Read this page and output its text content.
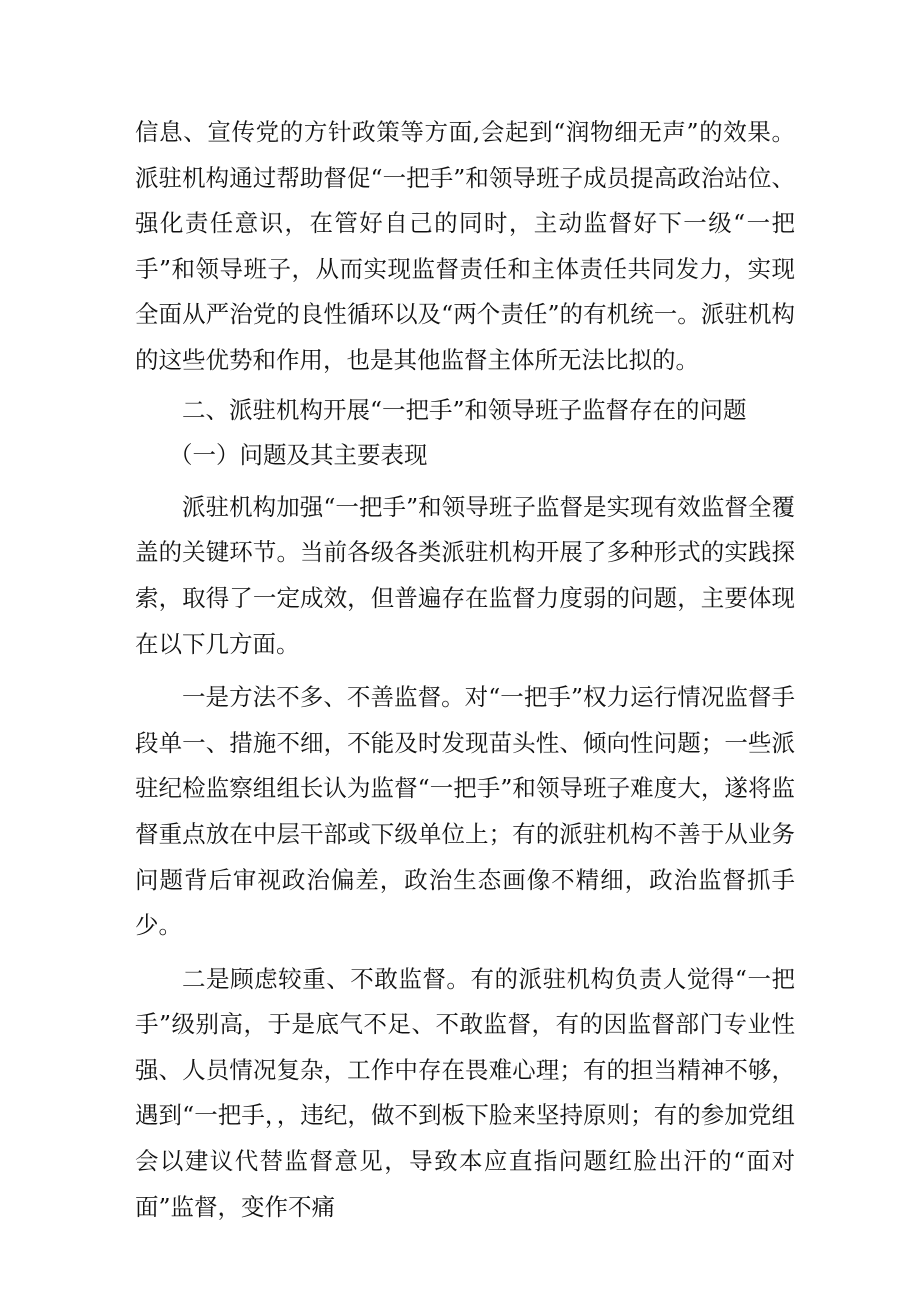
信息、宣传党的方针政策等方面,会起到“润物细无声”的效果。派驻机构通过帮助督促“一把手”和领导班子成员提高政治站位、强化责任意识，在管好自己的同时，主动监督好下一级“一把手”和领导班子，从而实现监督责任和主体责任共同发力，实现全面从严治党的良性循环以及“两个责任”的有机统一。派驻机构的这些优势和作用，也是其他监督主体所无法比拟的。

二、派驻机构开展“一把手”和领导班子监督存在的问题

（一）问题及其主要表现

派驻机构加强“一把手”和领导班子监督是实现有效监督全覆盖的关键环节。当前各级各类派驻机构开展了多种形式的实践探索，取得了一定成效，但普遍存在监督力度弱的问题，主要体现在以下几方面。

一是方法不多、不善监督。对“一把手”权力运行情况监督手段单一、措施不细，不能及时发现苗头性、倾向性问题；一些派驻纪检监察组组长认为监督“一把手”和领导班子难度大，遂将监督重点放在中层干部或下级单位上；有的派驻机构不善于从业务问题背后审视政治偏差，政治生态画像不精细，政治监督抓手少。

二是顾虑较重、不敢监督。有的派驻机构负责人觉得“一把手”级别高，于是底气不足、不敢监督，有的因监督部门专业性强、人员情况复杂，工作中存在畏难心理；有的担当精神不够，遇到“一把手，，违纪，做不到板下脸来坚持原则；有的参加党组会以建议代替监督意见，导致本应直指问题红脸出汗的“面对面”监督，变作不痛
